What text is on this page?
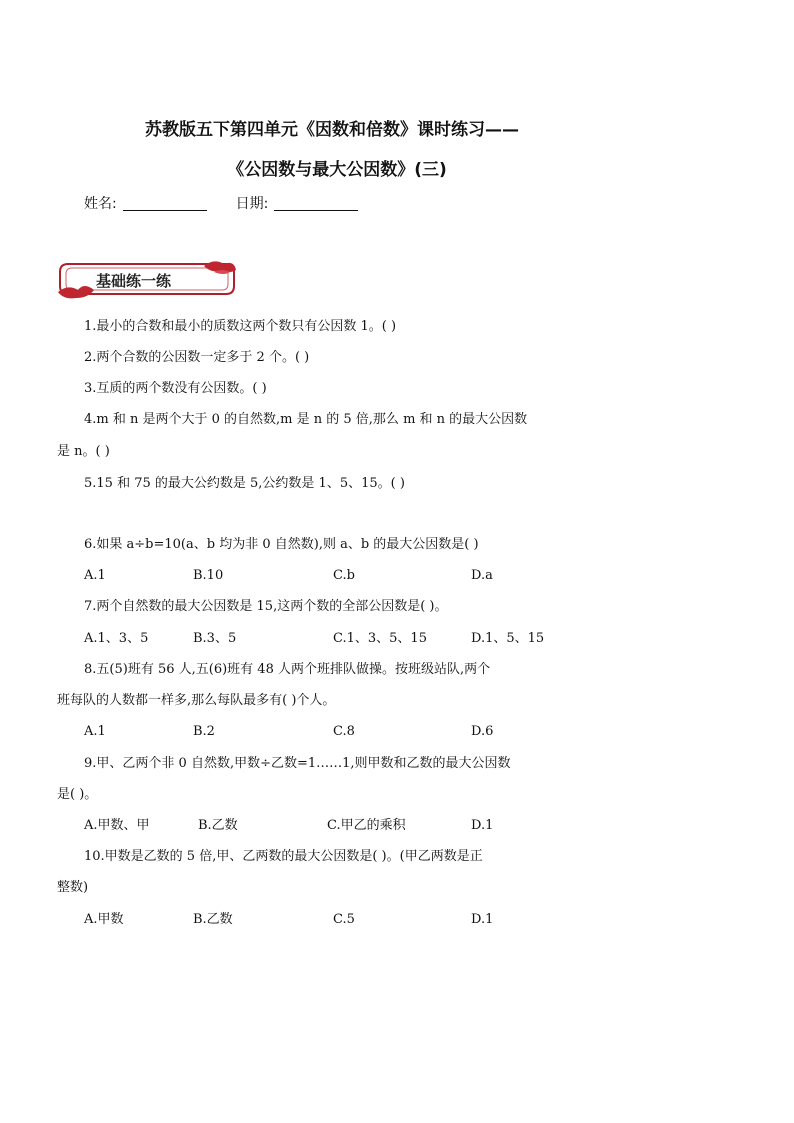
苏教版五下第四单元《因数和倍数》课时练习——
《公因数与最大公因数》(三)
姓名:	日期:
基础练一练
1.最小的合数和最小的质数这两个数只有公因数 1。( )
2.两个合数的公因数一定多于 2 个。( )
3.互质的两个数没有公因数。( )
4.m 和 n 是两个大于 0 的自然数,m 是 n 的 5 倍,那么 m 和 n 的最大公因数
是 n。( )
5.15 和 75 的最大公约数是 5,公约数是 1、5、15。( )
6.如果 a÷b=10(a、b 均为非 0 自然数),则 a、b 的最大公因数是( )
A.1	B.10	C.b	D.a
7.两个自然数的最大公因数是 15,这两个数的全部公因数是( )。
A.1、3、5	B.3、5	C.1、3、5、15	D.1、5、15
8.五(5)班有 56 人,五(6)班有 48 人两个班排队做操。按班级站队,两个
班每队的人数都一样多,那么每队最多有( )个人。
A.1	B.2	C.8	D.6
9.甲、乙两个非 0 自然数,甲数÷乙数=1……1,则甲数和乙数的最大公因数
是( )。
A.甲数、甲	B.乙数	C.甲乙的乘积	D.1
10.甲数是乙数的 5 倍,甲、乙两数的最大公因数是( )。(甲乙两数是正
整数)
A.甲数	B.乙数	C.5	D.1
